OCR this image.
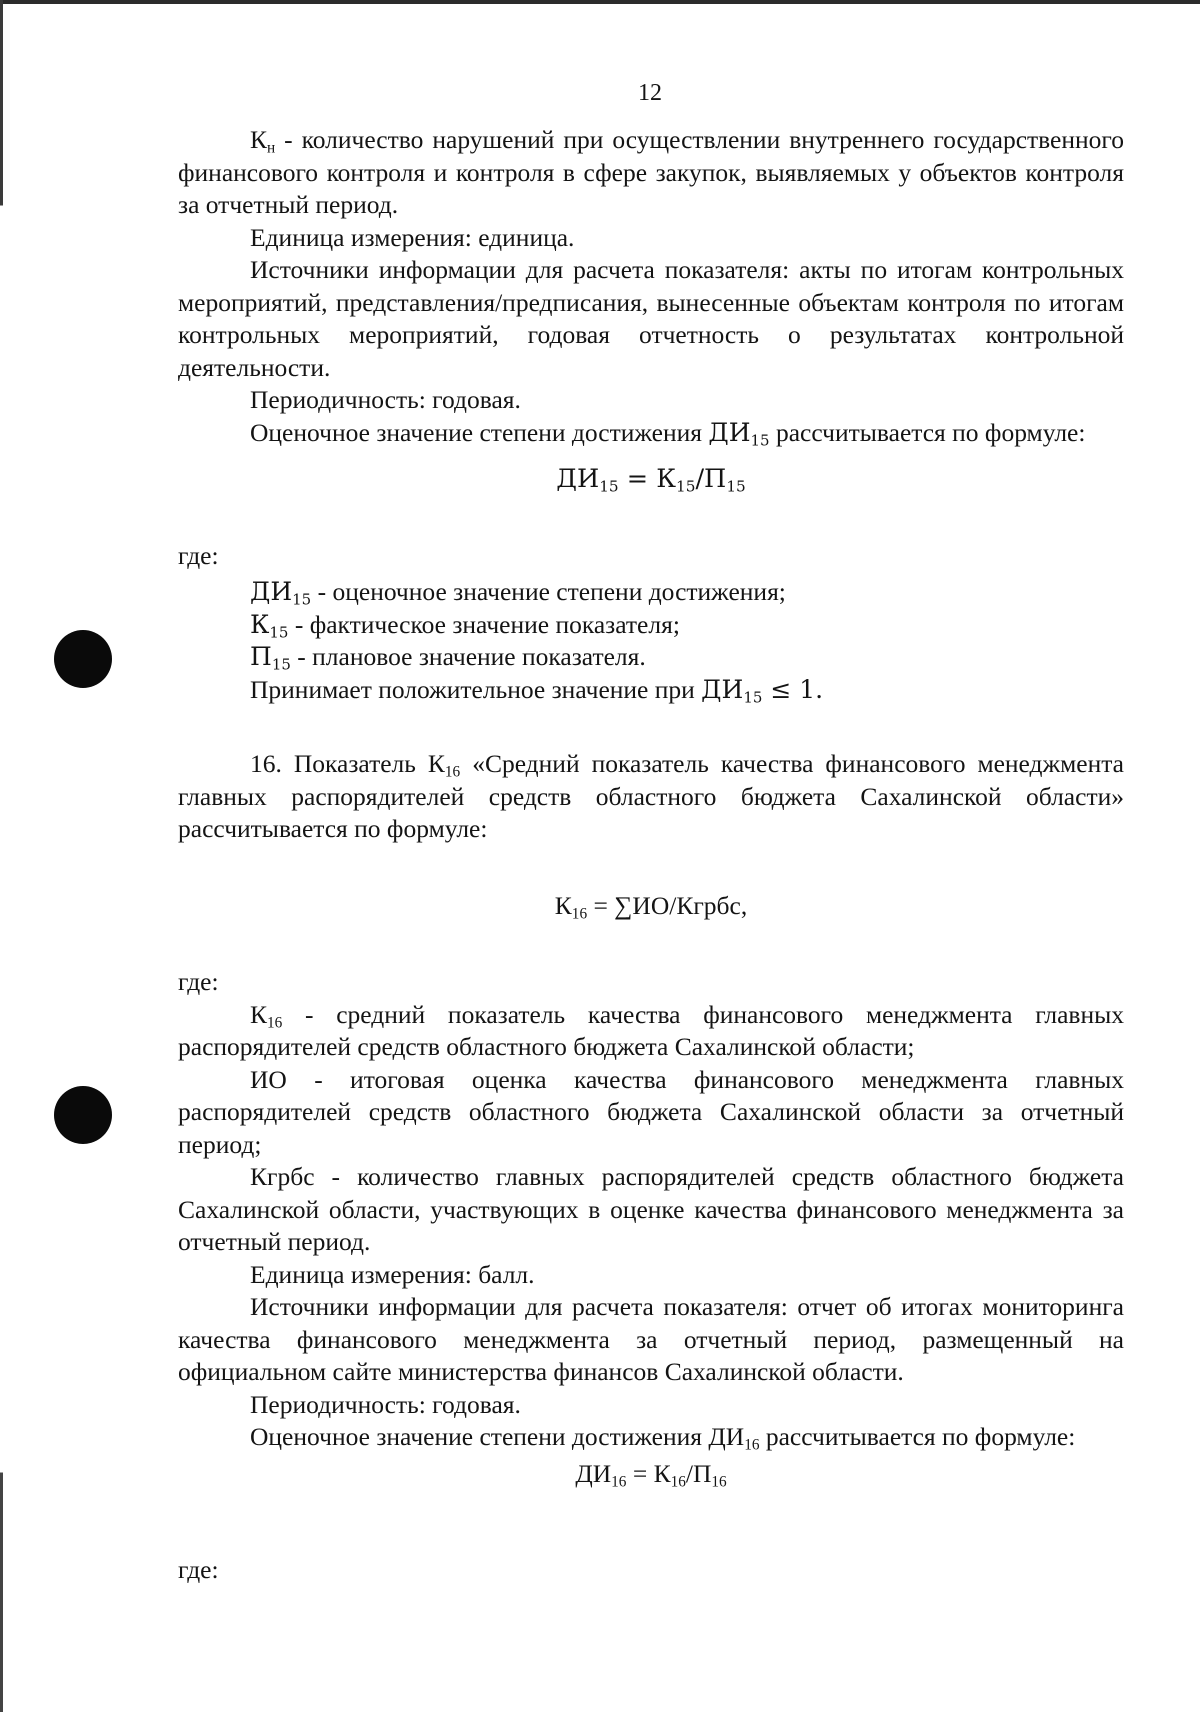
12

$К_н$ - количество нарушений при осуществлении внутреннего государственного финансового контроля и контроля в сфере закупок, выявляемых у объектов контроля за отчетный период.

Единица измерения: единица.

Источники информации для расчета показателя: акты по итогам контрольных мероприятий, представления/предписания, вынесенные объектам контроля по итогам контрольных мероприятий, годовая отчетность о результатах контрольной деятельности.

Периодичность: годовая.

Оценочное значение степени достижения $ДИ_{15}$ рассчитывается по формуле:

$ДИ_{15} = К_{15}/П_{15}$

где:

$ДИ_{15}$ - оценочное значение степени достижения;

$К_{15}$ - фактическое значение показателя;

$П_{15}$ - плановое значение показателя.

Принимает положительное значение при $ДИ_{15} \le 1$.

16. Показатель $К_{16}$ «Средний показатель качества финансового менеджмента главных распорядителей средств областного бюджета Сахалинской области» рассчитывается по формуле:

$К_{16}$ = ∑ИО/Кгрбс,

где:

$К_{16}$ - средний показатель качества финансового менеджмента главных распорядителей средств областного бюджета Сахалинской области;

ИО - итоговая оценка качества финансового менеджмента главных распорядителей средств областного бюджета Сахалинской области за отчетный период;

Кгрбс - количество главных распорядителей средств областного бюджета Сахалинской области, участвующих в оценке качества финансового менеджмента за отчетный период.

Единица измерения: балл.

Источники информации для расчета показателя: отчет об итогах мониторинга качества финансового менеджмента за отчетный период, размещенный на официальном сайте министерства финансов Сахалинской области.

Периодичность: годовая.

Оценочное значение степени достижения $ДИ_{16}$ рассчитывается по формуле:

$ДИ_{16} = К_{16}/П_{16}$

где:
